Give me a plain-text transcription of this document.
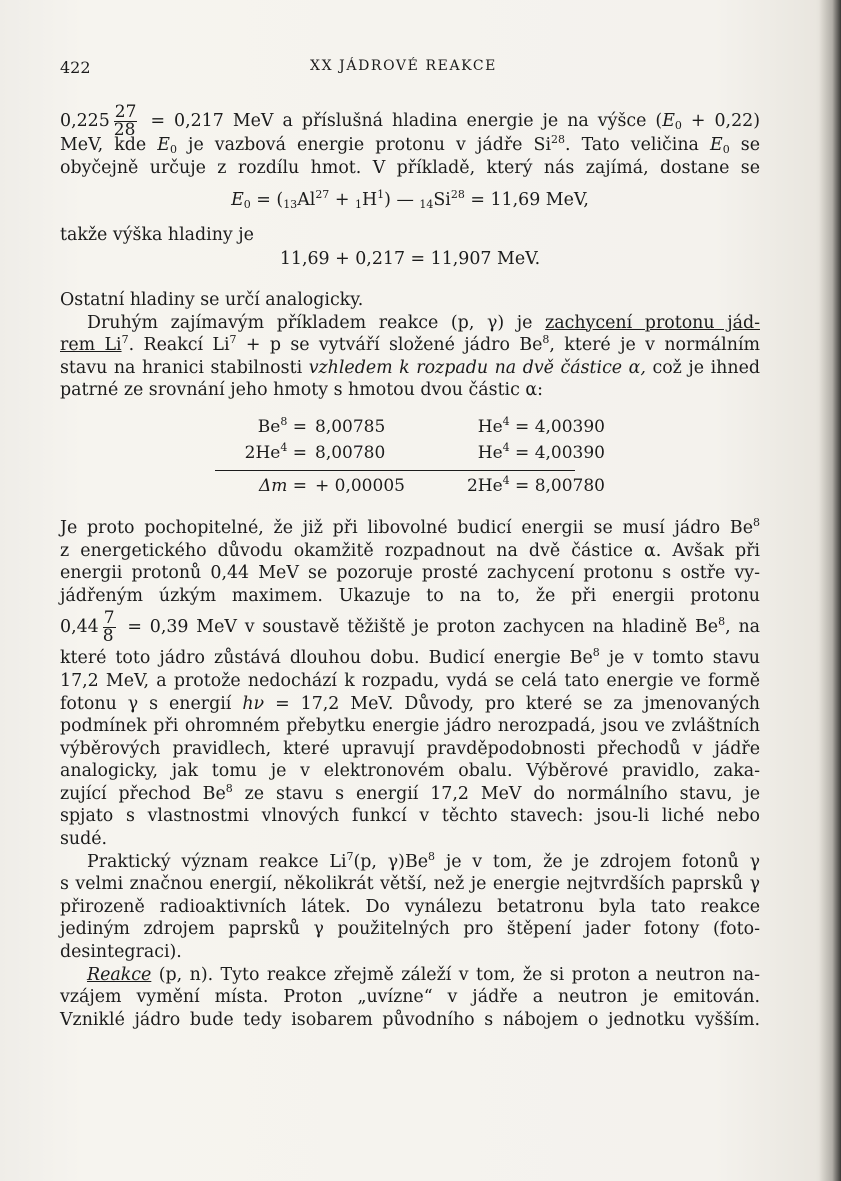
422	XX JÁDROVÉ REAKCE
$0,225 \frac{27}{28} = 0,217$ MeV a příslušná hladina energie je na výšce $(E_0 + 0,22)$
MeV, kde $E_0$ je vazbová energie protonu v jádře Si$^{28}$. Tato veličina $E_0$ se
obyčejně určuje z rozdílu hmot. V příkladě, který nás zajímá, dostane se
$E_0 = (_{13}Al^{27} + _1H^1)$ — $_{14}Si^{28} = 11,69$ MeV,
takže výška hladiny je
11,69 + 0,217 = 11,907 MeV.
Ostatní hladiny se určí analogicky.
Druhým zajímavým příkladem reakce (p, γ) je zachycení protonu jád-
rem Li$^7$. Reakcí $Li^7 + p$ se vytváří složené jádro Be$^8$, které je v normálním
stavu na hranici stabilnosti vzhledem k rozpadu na dvě částice α, což je ihned
patrné ze srovnání jeho hmoty s hmotou dvou částic α:
$Be^8 = 8,00785$	$He^4 = 4,00390$
$2He^4 = 8,00780$	$He^4 = 4,00390$
Δm = + 0,00005	$2He^4 = 8,00780$
Je proto pochopitelné, že již při libovolné budicí energii se musí jádro Be$^8$
z energetického důvodu okamžitě rozpadnout na dvě částice α. Avšak při
energii protonů 0,44 MeV se pozoruje prosté zachycení protonu s ostře vy-
jádřeným úzkým maximem. Ukazuje to na to, že při energii protonu
$0,44 \frac{7}{8} = 0,39$ MeV v soustavě těžiště je proton zachycen na hladině Be$^8$, na
které toto jádro zůstává dlouhou dobu. Budicí energie Be$^8$ je v tomto stavu
17,2 MeV, a protože nedochází k rozpadu, vydá se celá tato energie ve formě
fotonu γ s energií hν = 17,2 MeV. Důvody, pro které se za jmenovaných
podmínek při ohromném přebytku energie jádro nerozpadá, jsou ve zvláštních
výběrových pravidlech, které upravují pravděpodobnosti přechodů v jádře
analogicky, jak tomu je v elektronovém obalu. Výběrové pravidlo, zaka-
zující přechod Be$^8$ ze stavu s energií 17,2 MeV do normálního stavu, je
spjato s vlastnostmi vlnových funkcí v těchto stavech: jsou-li liché nebo
sudé.
Praktický význam reakce Li$^7$(p, γ)Be$^8$ je v tom, že je zdrojem fotonů γ
s velmi značnou energií, několikrát větší, než je energie nejtvrdších paprsků γ
přirozeně radioaktivních látek. Do vynálezu betatronu byla tato reakce
jediným zdrojem paprsků γ použitelných pro štěpení jader fotony (foto-
desintegraci).
Reakce (p, n). Tyto reakce zřejmě záleží v tom, že si proton a neutron na-
vzájem vymění místa. Proton „uvízne“ v jádře a neutron je emitován.
Vzniklé jádro bude tedy isobarem původního s nábojem o jednotku vyšším.
